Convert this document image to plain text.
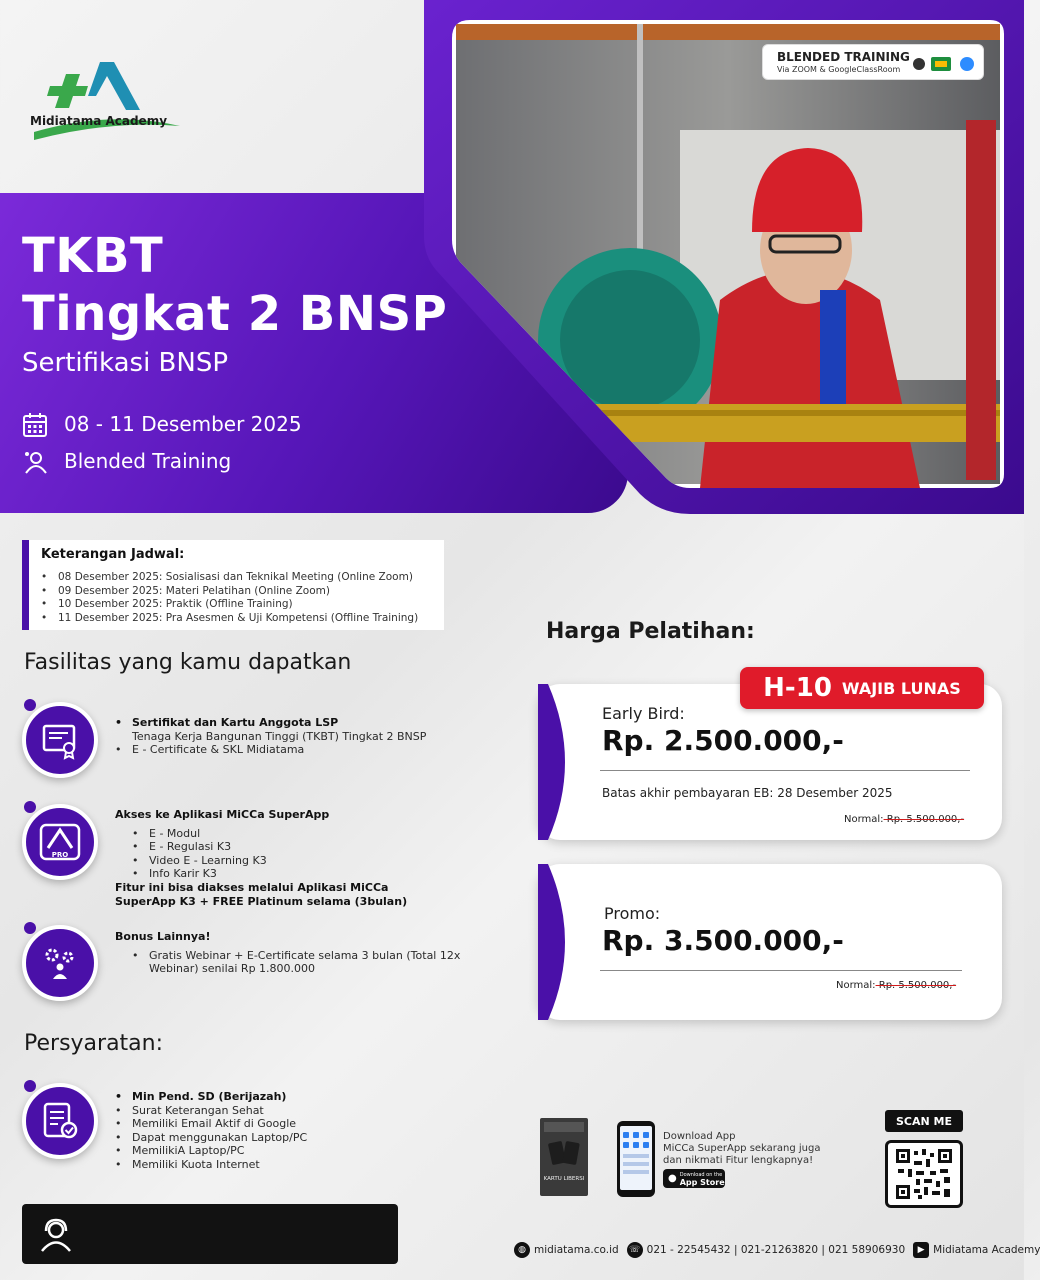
Midiatama Academy
TKBT
Tingkat 2 BNSP
Sertifikasi BNSP
08 - 11 Desember 2025
Blended Training
BLENDED TRAINING
Via ZOOM & GoogleClassRoom
Keterangan Jadwal:
• 08 Desember 2025: Sosialisasi dan Teknikal Meeting (Online Zoom)
• 09 Desember 2025: Materi Pelatihan (Online Zoom)
• 10 Desember 2025: Praktik (Offline Training)
• 11 Desember 2025: Pra Asesmen & Uji Kompetensi (Offline Training)
Fasilitas yang kamu dapatkan
• Sertifikat dan Kartu Anggota LSP
Tenaga Kerja Bangunan Tinggi (TKBT) Tingkat 2 BNSP
• E - Certificate & SKL Midiatama
PRO
Akses ke Aplikasi MiCCa SuperApp
• E - Modul
• E - Regulasi K3
• Video E - Learning K3
• Info Karir K3
Fitur ini bisa diakses melalui Aplikasi MiCCa
SuperApp K3 + FREE Platinum selama (3bulan)
Bonus Lainnya!
• Gratis Webinar + E-Certificate selama 3 bulan (Total 12x
Webinar) senilai Rp 1.800.000
Persyaratan:
• Min Pend. SD (Berijazah)
• Surat Keterangan Sehat
• Memiliki Email Aktif di Google
• Dapat menggunakan Laptop/PC
• MemilikiA Laptop/PC
• Memiliki Kuota Internet
Harga Pelatihan:
Early Bird:
Rp. 2.500.000,-
Batas akhir pembayaran EB: 28 Desember 2025
Normal: Rp. 5.500.000,-
H-10 WAJIB LUNAS
Promo:
Rp. 3.500.000,-
Normal: Rp. 5.500.000,-
KARTU LIBERSI
Download App
MiCCa SuperApp sekarang juga
dan nikmati Fitur lengkapnya!
● Download on the
App Store
SCAN ME
◍ midiatama.co.id ☏ 021 - 22545432 | 021-21263820 | 021 58906930	▶ Midiatama Academy
